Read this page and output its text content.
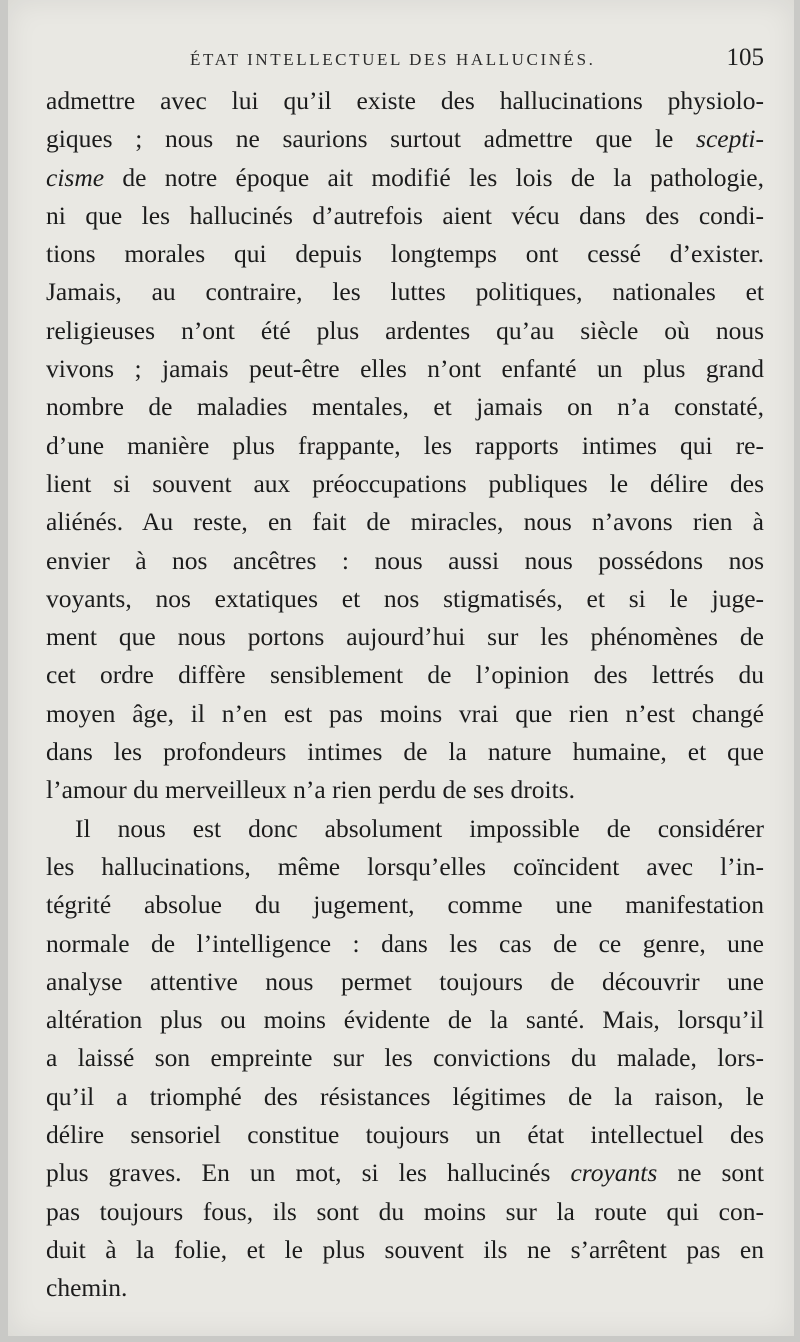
ÉTAT INTELLECTUEL DES HALLUCINÉS.	105
admettre avec lui qu’il existe des hallucinations physiolo-
giques ; nous ne saurions surtout admettre que le scepti-
cisme de notre époque ait modifié les lois de la pathologie,
ni que les hallucinés d’autrefois aient vécu dans des condi-
tions morales qui depuis longtemps ont cessé d’exister.
Jamais, au contraire, les luttes politiques, nationales et
religieuses n’ont été plus ardentes qu’au siècle où nous
vivons ; jamais peut-être elles n’ont enfanté un plus grand
nombre de maladies mentales, et jamais on n’a constaté,
d’une manière plus frappante, les rapports intimes qui re-
lient si souvent aux préoccupations publiques le délire des
aliénés. Au reste, en fait de miracles, nous n’avons rien à
envier à nos ancêtres : nous aussi nous possédons nos
voyants, nos extatiques et nos stigmatisés, et si le juge-
ment que nous portons aujourd’hui sur les phénomènes de
cet ordre diffère sensiblement de l’opinion des lettrés du
moyen âge, il n’en est pas moins vrai que rien n’est changé
dans les profondeurs intimes de la nature humaine, et que
l’amour du merveilleux n’a rien perdu de ses droits.
Il nous est donc absolument impossible de considérer
les hallucinations, même lorsqu’elles coïncident avec l’in-
tégrité absolue du jugement, comme une manifestation
normale de l’intelligence : dans les cas de ce genre, une
analyse attentive nous permet toujours de découvrir une
altération plus ou moins évidente de la santé. Mais, lorsqu’il
a laissé son empreinte sur les convictions du malade, lors-
qu’il a triomphé des résistances légitimes de la raison, le
délire sensoriel constitue toujours un état intellectuel des
plus graves. En un mot, si les hallucinés croyants ne sont
pas toujours fous, ils sont du moins sur la route qui con-
duit à la folie, et le plus souvent ils ne s’arrêtent pas en
chemin.
